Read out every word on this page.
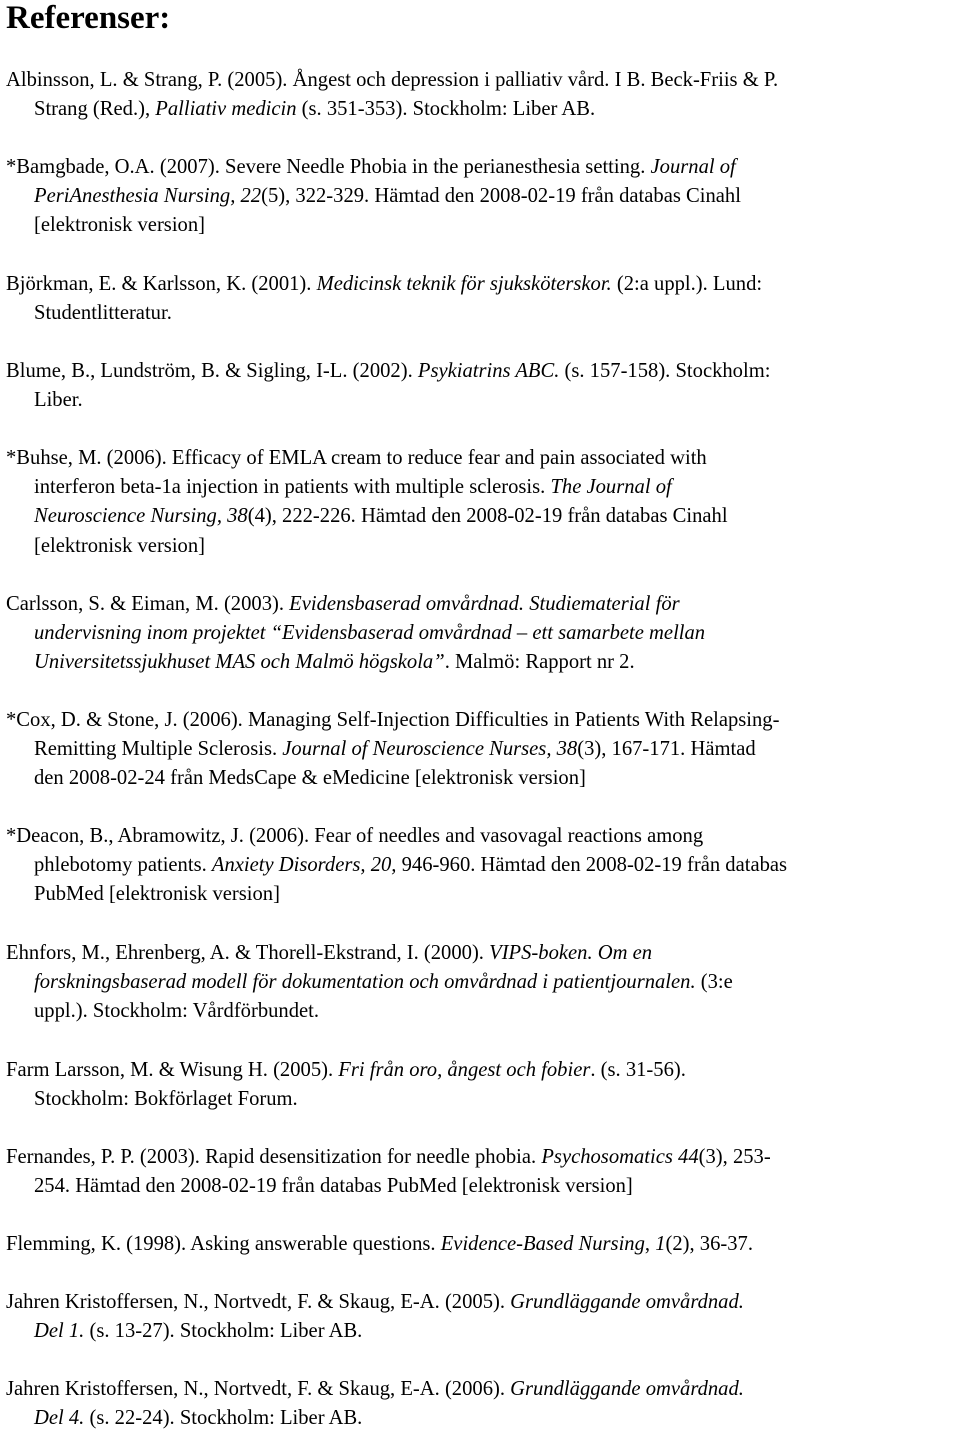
Referenser:

Albinsson, L. & Strang, P. (2005). Ångest och depression i palliativ vård. I B. Beck-Friis & P.
Strang (Red.), Palliativ medicin (s. 351-353). Stockholm: Liber AB.

*Bamgbade, O.A. (2007). Severe Needle Phobia in the perianesthesia setting. Journal of
PeriAnesthesia Nursing, 22(5), 322-329. Hämtad den 2008-02-19 från databas Cinahl
[elektronisk version]

Björkman, E. & Karlsson, K. (2001). Medicinsk teknik för sjuksköterskor. (2:a uppl.). Lund:
Studentlitteratur.

Blume, B., Lundström, B. & Sigling, I-L. (2002). Psykiatrins ABC. (s. 157-158). Stockholm:
Liber.

*Buhse, M. (2006). Efficacy of EMLA cream to reduce fear and pain associated with
interferon beta-1a injection in patients with multiple sclerosis. The Journal of
Neuroscience Nursing, 38(4), 222-226. Hämtad den 2008-02-19 från databas Cinahl
[elektronisk version]

Carlsson, S. & Eiman, M. (2003). Evidensbaserad omvårdnad. Studiematerial för
undervisning inom projektet “Evidensbaserad omvårdnad – ett samarbete mellan
Universitetssjukhuset MAS och Malmö högskola”. Malmö: Rapport nr 2.

*Cox, D. & Stone, J. (2006). Managing Self-Injection Difficulties in Patients With Relapsing-
Remitting Multiple Sclerosis. Journal of Neuroscience Nurses, 38(3), 167-171. Hämtad
den 2008-02-24 från MedsCape & eMedicine [elektronisk version]

*Deacon, B., Abramowitz, J. (2006). Fear of needles and vasovagal reactions among
phlebotomy patients. Anxiety Disorders, 20, 946-960. Hämtad den 2008-02-19 från databas
PubMed [elektronisk version]

Ehnfors, M., Ehrenberg, A. & Thorell-Ekstrand, I. (2000). VIPS-boken. Om en
forskningsbaserad modell för dokumentation och omvårdnad i patientjournalen. (3:e
uppl.). Stockholm: Vårdförbundet.

Farm Larsson, M. & Wisung H. (2005). Fri från oro, ångest och fobier. (s. 31-56).
Stockholm: Bokförlaget Forum.

Fernandes, P. P. (2003). Rapid desensitization for needle phobia. Psychosomatics 44(3), 253-
254. Hämtad den 2008-02-19 från databas PubMed [elektronisk version]

Flemming, K. (1998). Asking answerable questions. Evidence-Based Nursing, 1(2), 36-37.

Jahren Kristoffersen, N., Nortvedt, F. & Skaug, E-A. (2005). Grundläggande omvårdnad.
Del 1. (s. 13-27). Stockholm: Liber AB.

Jahren Kristoffersen, N., Nortvedt, F. & Skaug, E-A. (2006). Grundläggande omvårdnad.
Del 4. (s. 22-24). Stockholm: Liber AB.
